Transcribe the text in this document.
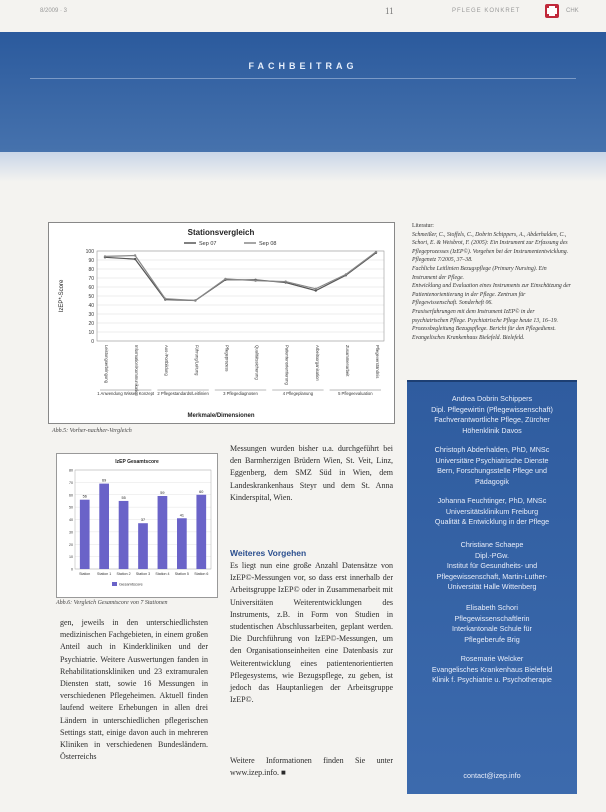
8/2009 · 3	11	PFLEGE KONKRET	CHK
FACHBEITRAG
Stationsvergleich
Sep 07	Sep 08
0
10
20
30
40
50
60
70
80
90
100
IzEP*-Score
Leistungserbringung	Information/Kommunikation	Aus-/Fortbildung	Führung/Leitung	Pflegeprozess	Qualitätssicherung	Patientenorientierung	Arbeitsorganisation	Zusammenarbeit	Pflegeverständnis
1 Anwendung Wissen Konzept 2 Pflegestandards/Leitlinien	3 Pflegediagnosen	4 Pflegeplanung	5 Pflegeevaluation
Merkmale/Dimensionen
Abb.5: Vorher-nachher-Vergleich
IzEP Gesamtscore
0
10
20
30
40
50
60
70
80
56
Station
69
Station 1
55
Station 2
37
Station 3
59
Station 4
41
Station 5
60
Station 6
Gesamtscore
Abb.6: Vergleich Gesamtscore von 7 Stationen
gen, jeweils in den unterschiedlichsten medizinischen Fachgebieten, in einem großen Anteil auch in Kinderkliniken und der Psychiatrie. Weitere Auswertungen fanden in Rehabilitationskliniken und 23 extramuralen Diensten statt, sowie 16 Messungen in verschiedenen Pflegeheimen. Aktuell finden laufend weitere Erhebungen in allen drei Ländern in unterschiedlichen pflegerischen Settings statt, einige davon auch in mehreren Kliniken in verschiedenen Bundesländern. Österreichs
Messungen wurden bisher u.a. durchgeführt bei den Barmherzigen Brüdern Wien, St. Veit, Linz, Eggenberg, dem SMZ Süd in Wien, dem Landeskrankenhaus Steyr und dem St. Anna Kinderspital, Wien.
Weiteres Vorgehen
Es liegt nun eine große Anzahl Datensätze von IzEP©-Messungen vor, so dass erst innerhalb der Arbeitsgruppe IzEP© oder in Zusammenarbeit mit Universitäten Weiterentwicklungen des Instruments, z.B. in Form von Studien in studentischen Abschlussarbeiten, geplant werden. Die Durchführung von IzEP©-Messungen, um den Organisationseinheiten eine Datenbasis zur Weiterentwicklung eines patientenorientierten Pflegesystems, wie Bezugspflege, zu geben, ist jedoch das Hauptanliegen der Arbeitsgruppe IzEP©.
Weitere Informationen finden Sie unter www.izep.info. ■
Literatur:
Schmeißer, C., Stoffels, C., Dobrin Schippers, A., Abderhalden, C., Schori, E. & Weisbrot, F. (2005): Ein Instrument zur Erfassung des Pflegeprozesses (IzEP©). Vorgehen bei der Instrumententwicklung. Pflegenetz 7/2005, 37–38.
Fachliche Leitlinien Bezugspflege (Primary Nursing). Ein Instrument der Pflege.
Entwicklung und Evaluation eines Instruments zur Einschätzung der Patientenorientierung in der Pflege. Zentrum für Pflegewissenschaft. Sonderheft 06.
Praxiserfahrungen mit dem Instrument IzEP© in der psychiatrischen Pflege. Psychiatrische Pflege heute 13, 16–19.
Prozessbegleitung Bezugspflege. Bericht für den Pflegedienst. Evangelisches Krankenhaus Bielefeld. Bielefeld.
Andrea Dobrin Schippers
Dipl. Pflegewirtin (Pflegewissenschaft)
Fachverantwortliche Pflege, Zürcher
Höhenklinik Davos
Christoph Abderhalden, PhD, MNSc
Universitäre Psychiatrische Dienste
Bern, Forschungsstelle Pflege und
Pädagogik
Johanna Feuchtinger, PhD, MNSc
Universitätsklinikum Freiburg
Qualität & Entwicklung in der Pflege
Christiane Schaepe
Dipl.-PGw.
Institut für Gesundheits- und
Pflegewissenschaft, Martin-Luther-
Universität Halle Wittenberg
Elisabeth Schori
Pflegewissenschaftlerin
Interkantonale Schule für
Pflegeberufe Brig
Rosemarie Welcker
Evangelisches Krankenhaus Bielefeld
Klinik f. Psychiatrie u. Psychotherapie
contact@izep.info
